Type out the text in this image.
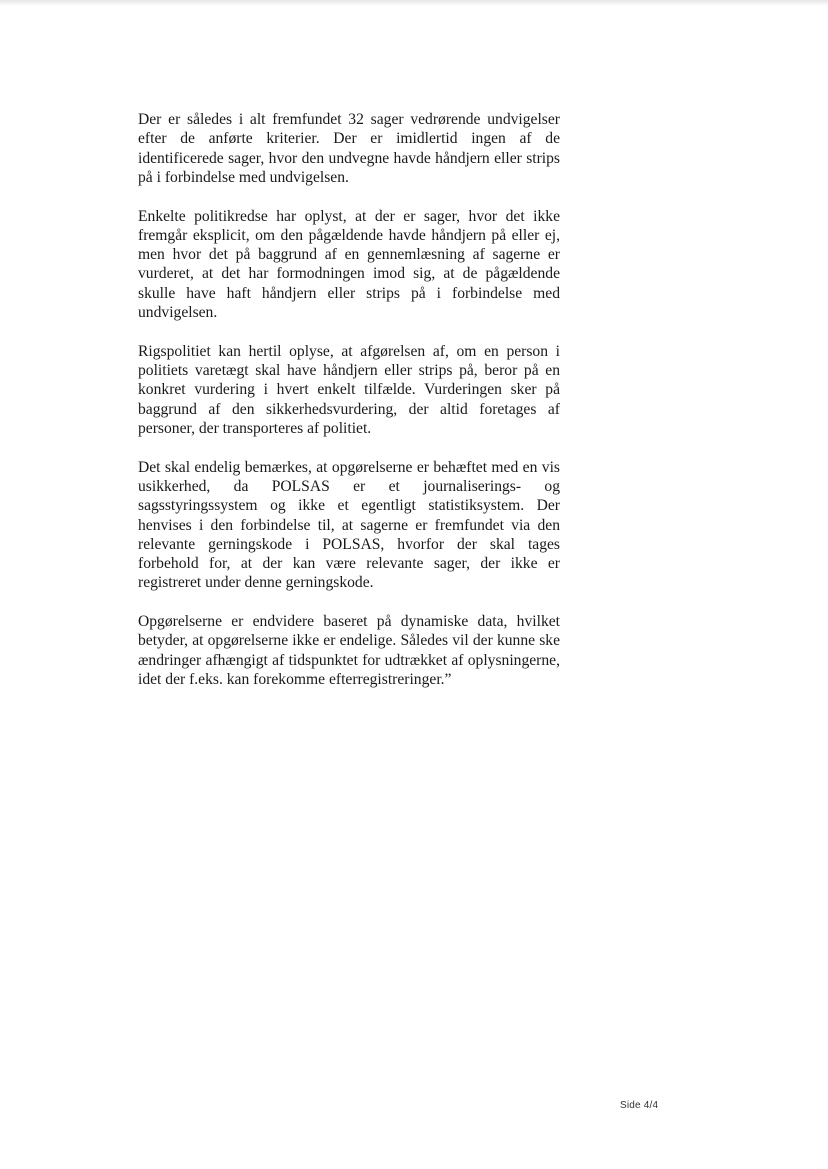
Der er således i alt fremfundet 32 sager vedrørende undvigelser efter de anførte kriterier. Der er imidlertid ingen af de identificerede sager, hvor den undvegne havde håndjern eller strips på i forbindelse med undvigelsen.

Enkelte politikredse har oplyst, at der er sager, hvor det ikke fremgår eksplicit, om den pågældende havde håndjern på eller ej, men hvor det på baggrund af en gennemlæsning af sagerne er vurderet, at det har formodningen imod sig, at de pågældende skulle have haft håndjern eller strips på i forbindelse med undvigelsen.

Rigspolitiet kan hertil oplyse, at afgørelsen af, om en person i politiets varetægt skal have håndjern eller strips på, beror på en konkret vurdering i hvert enkelt tilfælde. Vurderingen sker på baggrund af den sikkerhedsvurdering, der altid foretages af personer, der transporteres af politiet.

Det skal endelig bemærkes, at opgørelserne er behæftet med en vis usikkerhed, da POLSAS er et journaliserings- og sagsstyringssystem og ikke et egentligt statistiksystem. Der henvises i den forbindelse til, at sagerne er fremfundet via den relevante gerningskode i POLSAS, hvorfor der skal tages forbehold for, at der kan være relevante sager, der ikke er registreret under denne gerningskode.

Opgørelserne er endvidere baseret på dynamiske data, hvilket betyder, at opgørelserne ikke er endelige. Således vil der kunne ske ændringer afhængigt af tidspunktet for udtrækket af oplysningerne, idet der f.eks. kan forekomme efterregistreringer.”

Side 4/4
